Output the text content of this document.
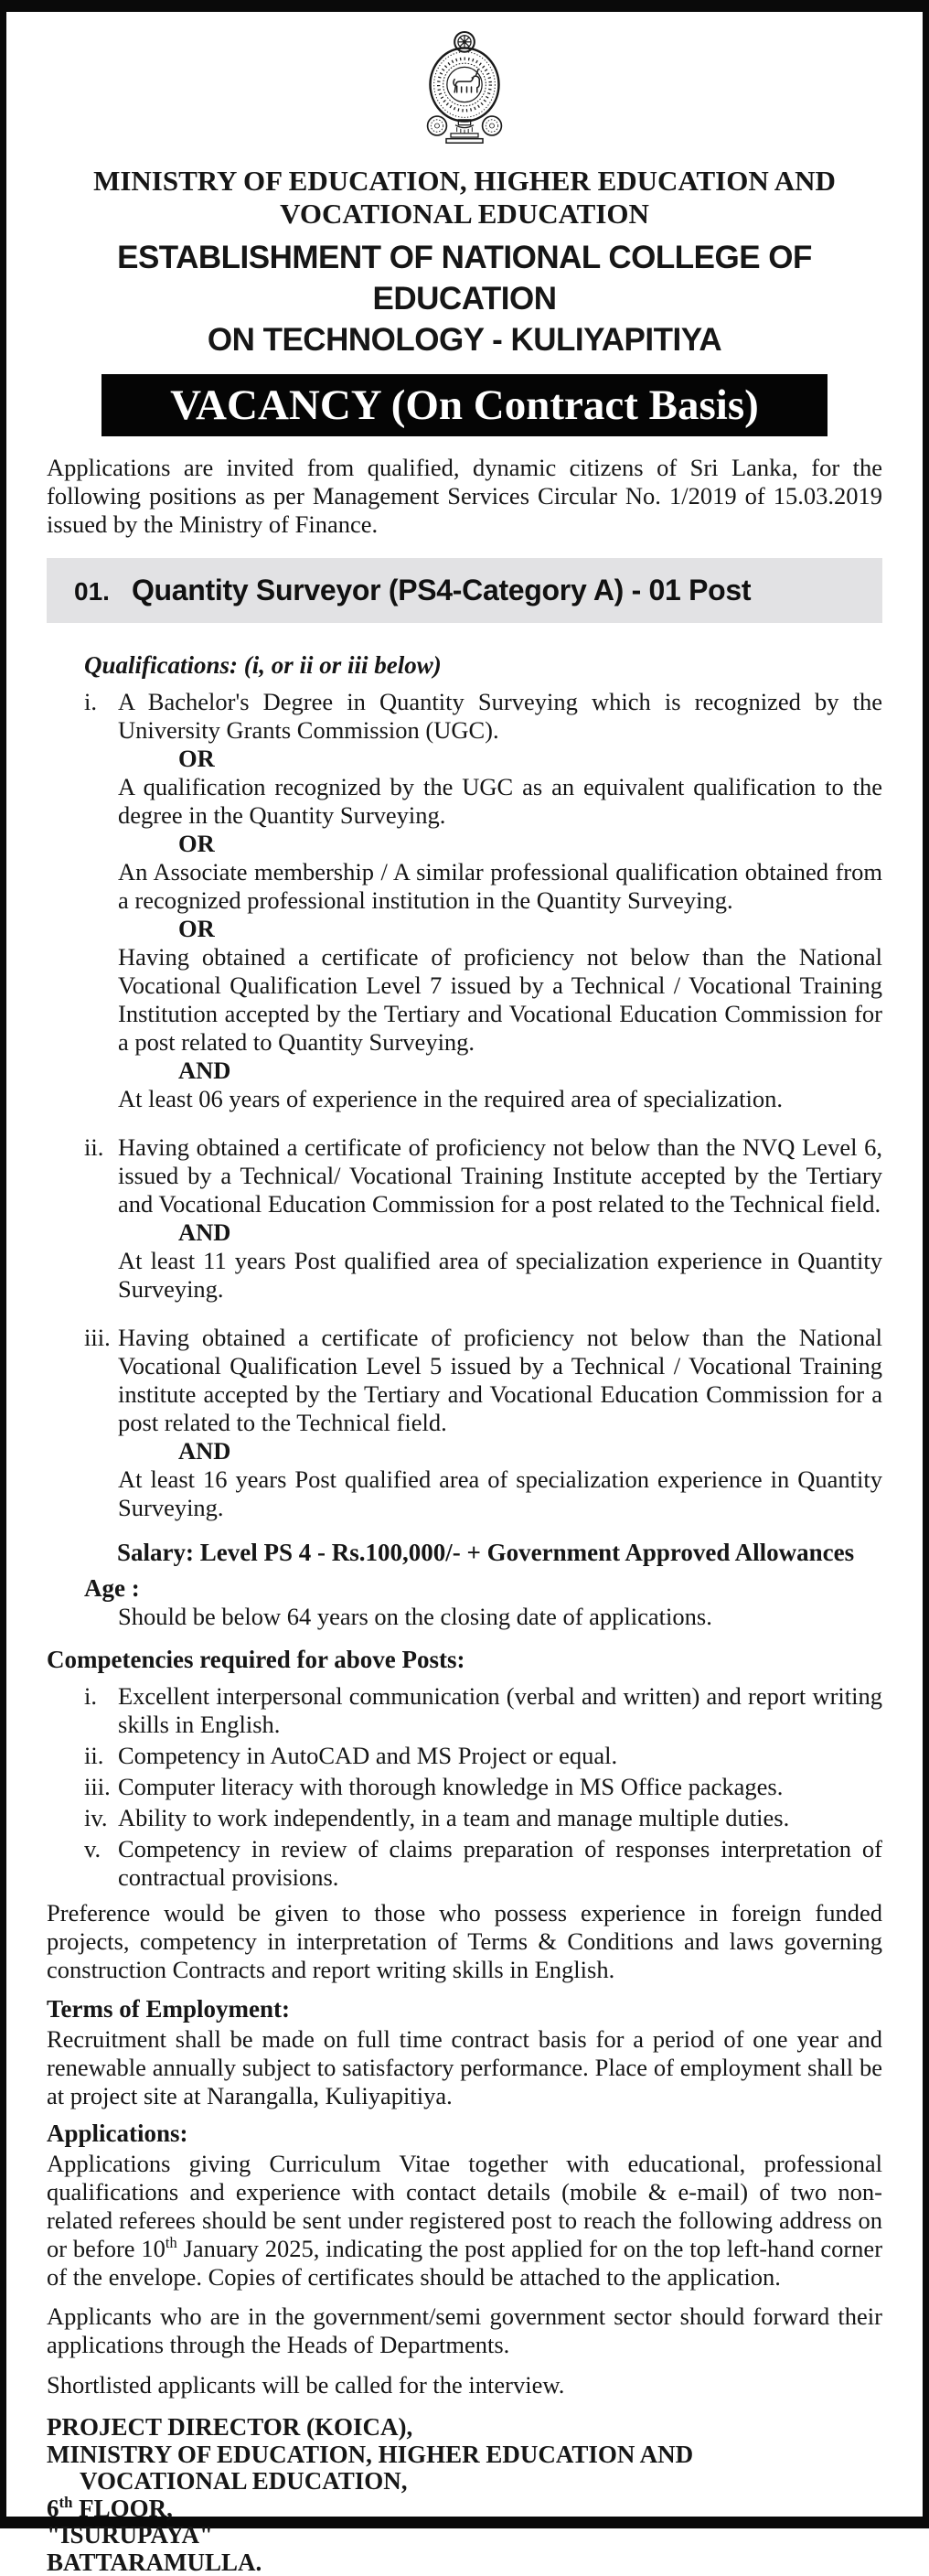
MINISTRY OF EDUCATION, HIGHER EDUCATION AND
VOCATIONAL EDUCATION
ESTABLISHMENT OF NATIONAL COLLEGE OF EDUCATION
ON TECHNOLOGY - KULIYAPITIYA
VACANCY (On Contract Basis)

Applications are invited from qualified, dynamic citizens of Sri Lanka, for the following positions as per Management Services Circular No. 1/2019 of 15.03.2019 issued by the Ministry of Finance.

01. Quantity Surveyor (PS4-Category A) - 01 Post
Qualifications: (i, or ii or iii below)
i. A Bachelor's Degree in Quantity Surveying which is recognized by the University Grants Commission (UGC).

OR

A qualification recognized by the UGC as an equivalent qualification to the degree in the Quantity Surveying.

OR

An Associate membership / A similar professional qualification obtained from a recognized professional institution in the Quantity Surveying.

OR

Having obtained a certificate of proficiency not below than the National Vocational Qualification Level 7 issued by a Technical / Vocational Training Institution accepted by the Tertiary and Vocational Education Commission for a post related to Quantity Surveying.

AND

At least 06 years of experience in the required area of specialization.

ii. Having obtained a certificate of proficiency not below than the NVQ Level 6, issued by a Technical/ Vocational Training Institute accepted by the Tertiary and Vocational Education Commission for a post related to the Technical field.

AND

At least 11 years Post qualified area of specialization experience in Quantity Surveying.

iii. Having obtained a certificate of proficiency not below than the National Vocational Qualification Level 5 issued by a Technical / Vocational Training institute accepted by the Tertiary and Vocational Education Commission for a post related to the Technical field.

AND

At least 16 years Post qualified area of specialization experience in Quantity Surveying.

Salary: Level PS 4 - Rs.100,000/- + Government Approved Allowances
Age :
Should be below 64 years on the closing date of applications.
Competencies required for above Posts:
i. Excellent interpersonal communication (verbal and written) and report writing skills in English.

ii. Competency in AutoCAD and MS Project or equal.

iii. Computer literacy with thorough knowledge in MS Office packages.

iv. Ability to work independently, in a team and manage multiple duties.

v. Competency in review of claims preparation of responses interpretation of contractual provisions.

Preference would be given to those who possess experience in foreign funded projects, competency in interpretation of Terms & Conditions and laws governing construction Contracts and report writing skills in English.

Terms of Employment:

Recruitment shall be made on full time contract basis for a period of one year and renewable annually subject to satisfactory performance. Place of employment shall be at project site at Narangalla, Kuliyapitiya.

Applications:

Applications giving Curriculum Vitae together with educational, professional qualifications and experience with contact details (mobile & e-mail) of two non- related referees should be sent under registered post to reach the following address on or before 10th January 2025, indicating the post applied for on the top left-hand corner of the envelope. Copies of certificates should be attached to the application.

Applicants who are in the government/semi government sector should forward their applications through the Heads of Departments.

Shortlisted applicants will be called for the interview.

PROJECT DIRECTOR (KOICA),
MINISTRY OF EDUCATION, HIGHER EDUCATION AND
VOCATIONAL EDUCATION,
6th FLOOR,
"ISURUPAYA"
BATTARAMULLA.
